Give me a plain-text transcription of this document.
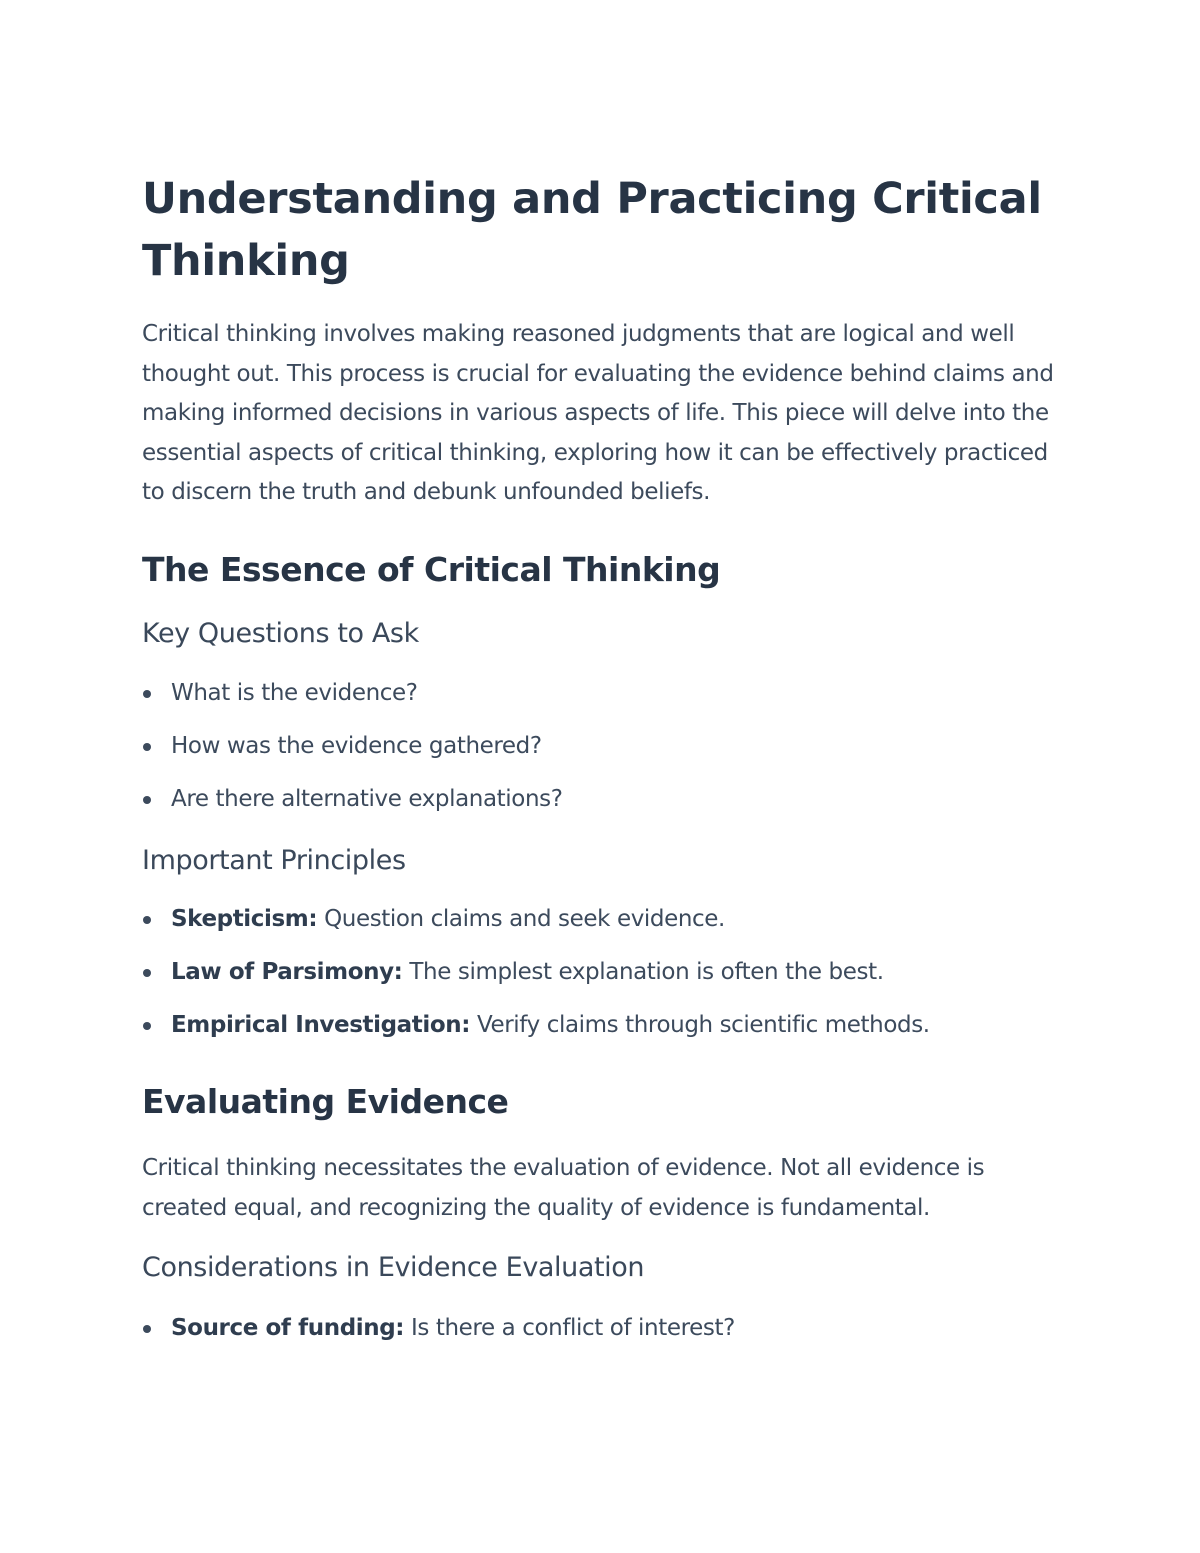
Understanding and Practicing Critical Thinking

Critical thinking involves making reasoned judgments that are logical and well thought out. This process is crucial for evaluating the evidence behind claims and making informed decisions in various aspects of life. This piece will delve into the essential aspects of critical thinking, exploring how it can be effectively practiced to discern the truth and debunk unfounded beliefs.

The Essence of Critical Thinking
Key Questions to Ask
What is the evidence?
How was the evidence gathered?
Are there alternative explanations?
Important Principles
Skepticism: Question claims and seek evidence.
Law of Parsimony: The simplest explanation is often the best.
Empirical Investigation: Verify claims through scientific methods.
Evaluating Evidence

Critical thinking necessitates the evaluation of evidence. Not all evidence is created equal, and recognizing the quality of evidence is fundamental.

Considerations in Evidence Evaluation
Source of funding: Is there a conflict of interest?
